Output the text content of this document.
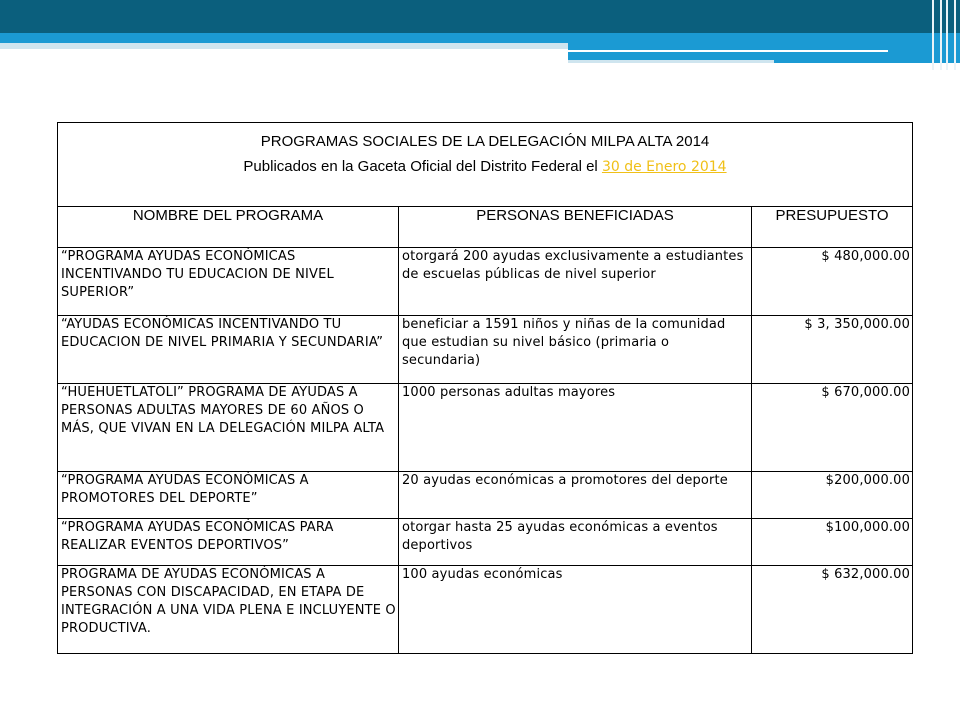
PROGRAMAS SOCIALES DE LA DELEGACIÓN MILPA ALTA 2014
Publicados en la Gaceta Oficial del Distrito Federal el 30 de Enero 2014		

NOMBRE DEL PROGRAMA	PERSONAS BENEFICIADAS	PRESUPUESTO
“PROGRAMA AYUDAS ECONÓMICAS INCENTIVANDO TU EDUCACION DE NIVEL SUPERIOR”	otorgará 200 ayudas exclusivamente a estudiantes de escuelas públicas de nivel superior	$ 480,000.00
“AYUDAS ECONÓMICAS INCENTIVANDO TU EDUCACION DE NIVEL PRIMARIA Y SECUNDARIA”	beneficiar a 1591 niños y niñas de la comunidad que estudian su nivel básico (primaria o secundaria)	$ 3, 350,000.00
“HUEHUETLATOLI” PROGRAMA DE AYUDAS A PERSONAS ADULTAS MAYORES DE 60 AÑOS O MÁS, QUE VIVAN EN LA DELEGACIÓN MILPA ALTA	1000 personas adultas mayores	$ 670,000.00
“PROGRAMA AYUDAS ECONÓMICAS A PROMOTORES DEL DEPORTE”	20 ayudas económicas a promotores del deporte	$200,000.00
“PROGRAMA AYUDAS ECONÓMICAS PARA REALIZAR EVENTOS DEPORTIVOS”	otorgar hasta 25 ayudas económicas a eventos deportivos	$100,000.00
PROGRAMA DE AYUDAS ECONÓMICAS A PERSONAS CON DISCAPACIDAD, EN ETAPA DE INTEGRACIÓN A UNA VIDA PLENA E INCLUYENTE O PRODUCTIVA.	100 ayudas económicas	$ 632,000.00
